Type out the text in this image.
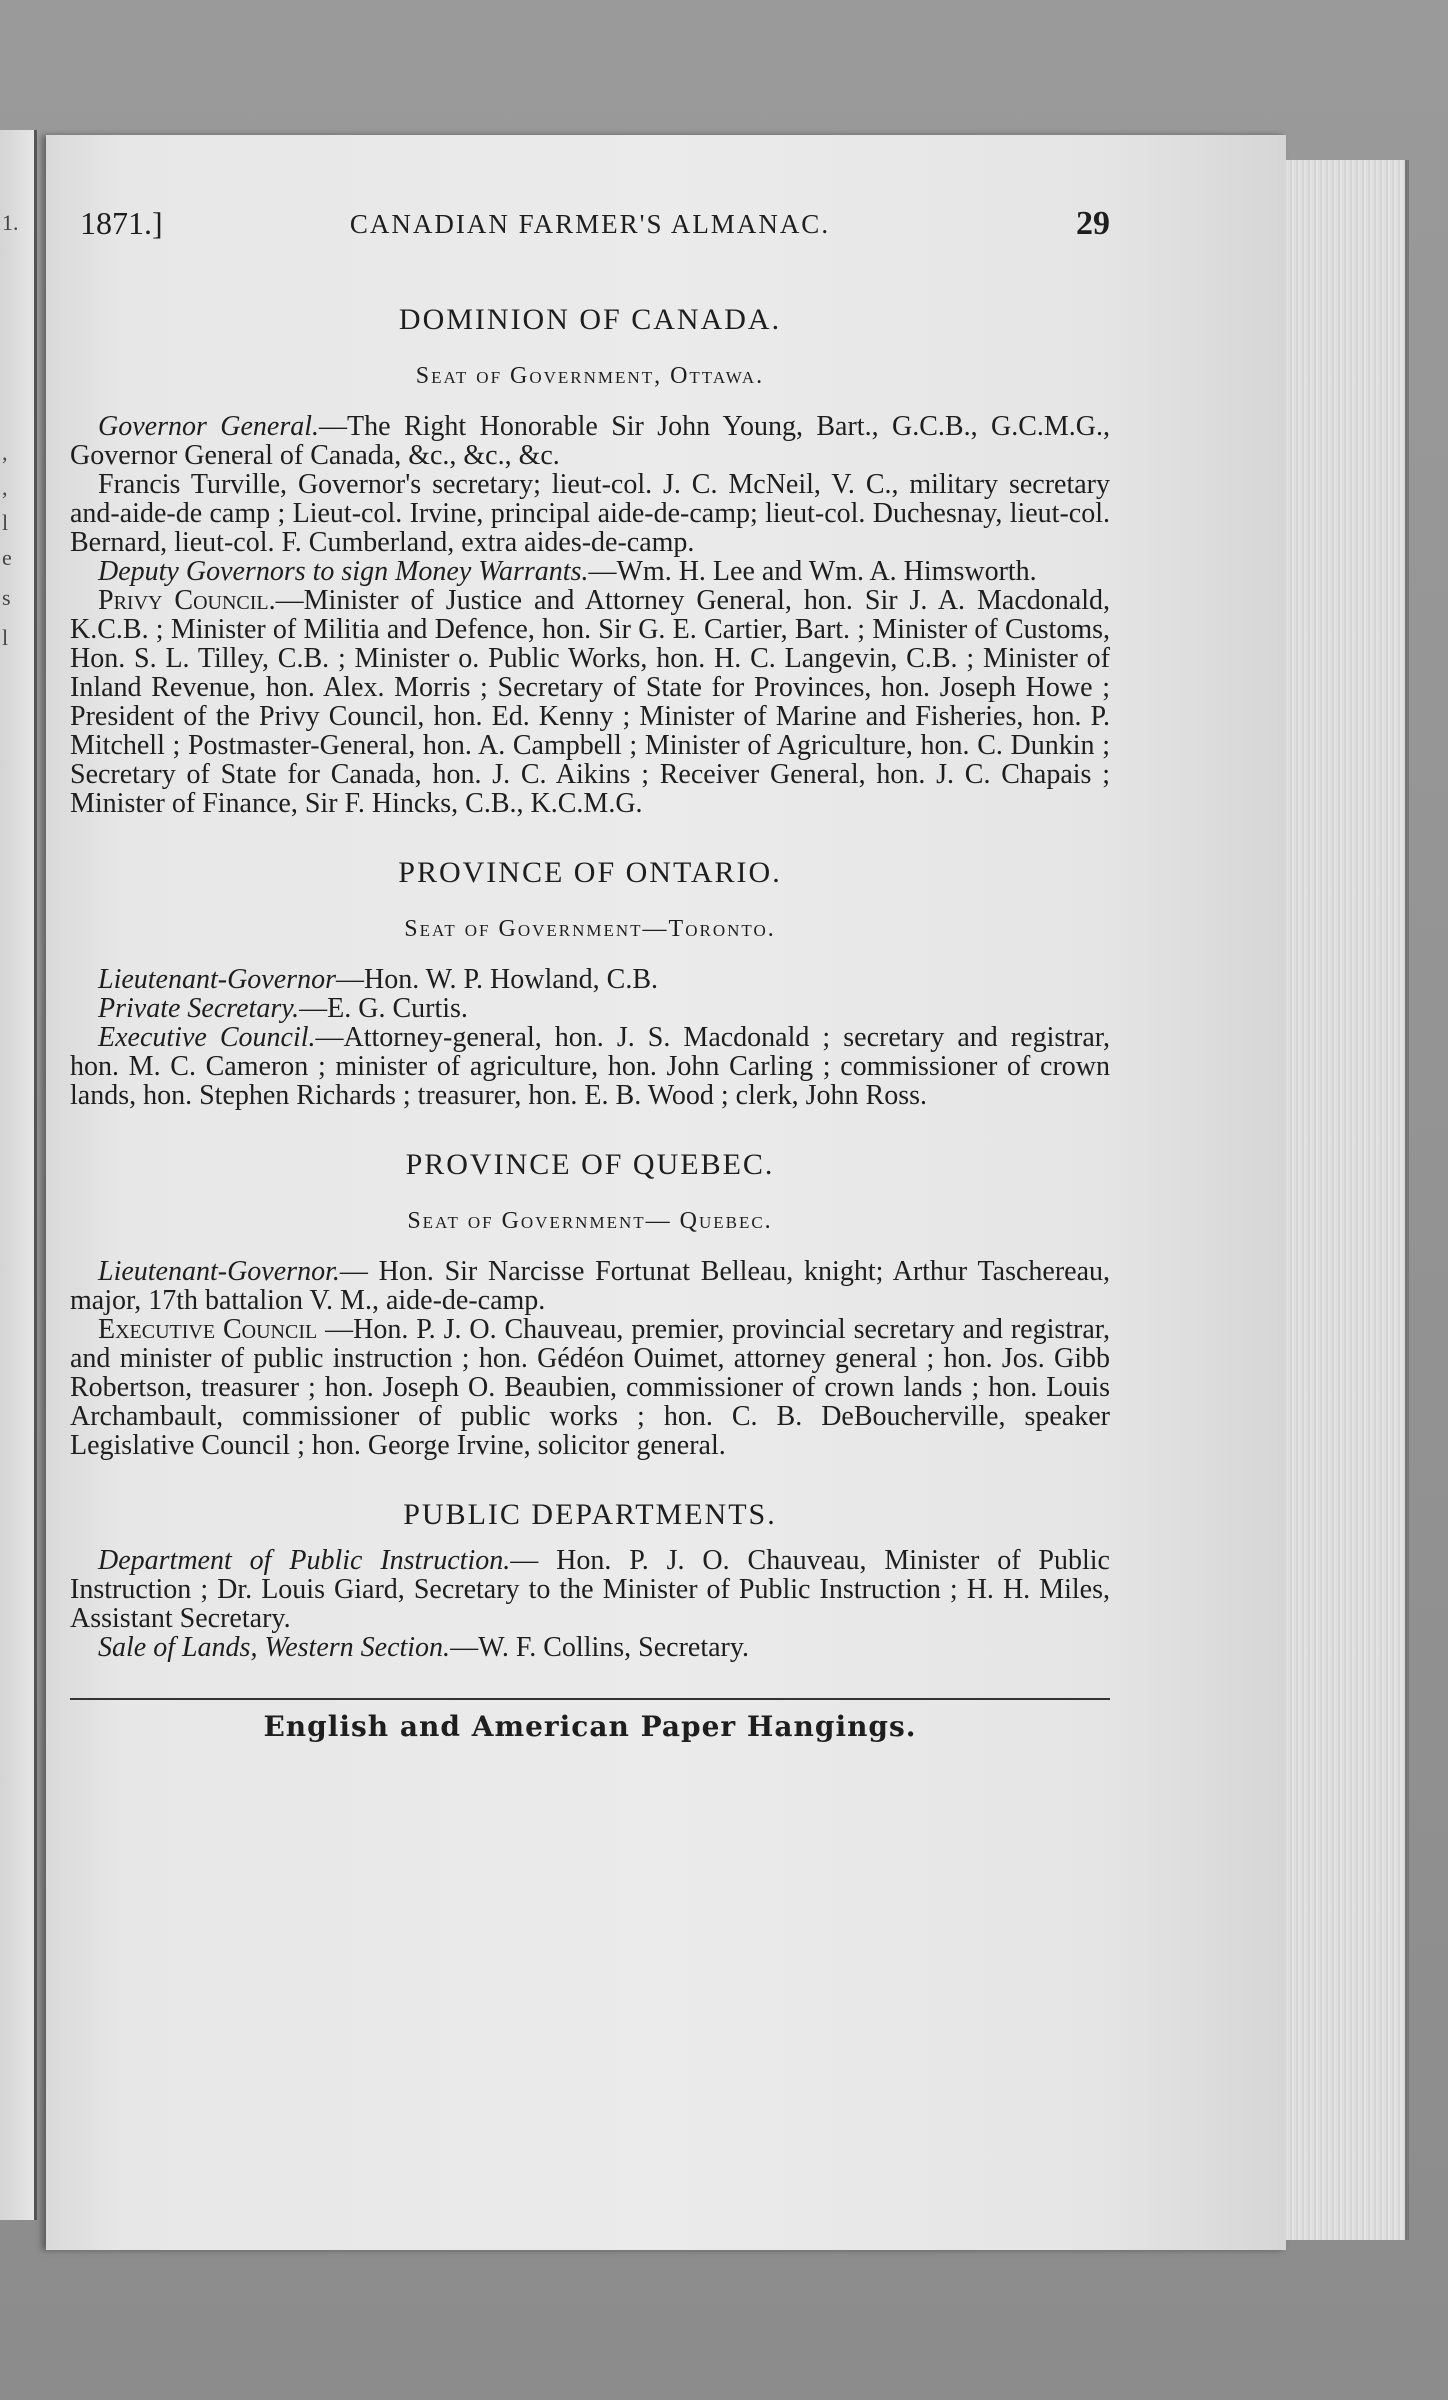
1.
,
,
l
e
s
l
1871.]	CANADIAN FARMER'S ALMANAC.	29
DOMINION OF CANADA.
Seat of Government, Ottawa.

Governor General.—The Right Honorable Sir John Young, Bart., G.C.B., G.C.M.G., Governor General of Canada, &c., &c., &c.

Francis Turville, Governor's secretary; lieut-col. J. C. McNeil, V. C., military secretary and-aide-de camp ; Lieut-col. Irvine, principal aide-de-camp; lieut-col. Duchesnay, lieut-col. Bernard, lieut-col. F. Cumberland, extra aides-de-camp.

Deputy Governors to sign Money Warrants.—Wm. H. Lee and Wm. A. Himsworth.

Privy Council.—Minister of Justice and Attorney General, hon. Sir J. A. Macdonald, K.C.B. ; Minister of Militia and Defence, hon. Sir G. E. Cartier, Bart. ; Minister of Customs, Hon. S. L. Tilley, C.B. ; Minister o. Public Works, hon. H. C. Langevin, C.B. ; Minister of Inland Revenue, hon. Alex. Morris ; Secretary of State for Provinces, hon. Joseph Howe ; President of the Privy Council, hon. Ed. Kenny ; Minister of Marine and Fisheries, hon. P. Mitchell ; Postmaster-General, hon. A. Campbell ; Minister of Agriculture, hon. C. Dunkin ; Secretary of State for Canada, hon. J. C. Aikins ; Receiver General, hon. J. C. Chapais ; Minister of Finance, Sir F. Hincks, C.B., K.C.M.G.

PROVINCE OF ONTARIO.
Seat of Government—Toronto.

Lieutenant-Governor—Hon. W. P. Howland, C.B.

Private Secretary.—E. G. Curtis.

Executive Council.—Attorney-general, hon. J. S. Macdonald ; secretary and registrar, hon. M. C. Cameron ; minister of agriculture, hon. John Carling ; commissioner of crown lands, hon. Stephen Richards ; treasurer, hon. E. B. Wood ; clerk, John Ross.

PROVINCE OF QUEBEC.
Seat of Government— Quebec.

Lieutenant-Governor.— Hon. Sir Narcisse Fortunat Belleau, knight; Arthur Taschereau, major, 17th battalion V. M., aide-de-camp.

Executive Council —Hon. P. J. O. Chauveau, premier, provincial secretary and registrar, and minister of public instruction ; hon. Gédéon Ouimet, attorney general ; hon. Jos. Gibb Robertson, treasurer ; hon. Joseph O. Beaubien, commissioner of crown lands ; hon. Louis Archambault, commissioner of public works ; hon. C. B. DeBoucherville, speaker Legislative Council ; hon. George Irvine, solicitor general.

PUBLIC DEPARTMENTS.

Department of Public Instruction.— Hon. P. J. O. Chauveau, Minister of Public Instruction ; Dr. Louis Giard, Secretary to the Minister of Public Instruction ; H. H. Miles, Assistant Secretary.

Sale of Lands, Western Section.—W. F. Collins, Secretary.

English and American Paper Hangings.
